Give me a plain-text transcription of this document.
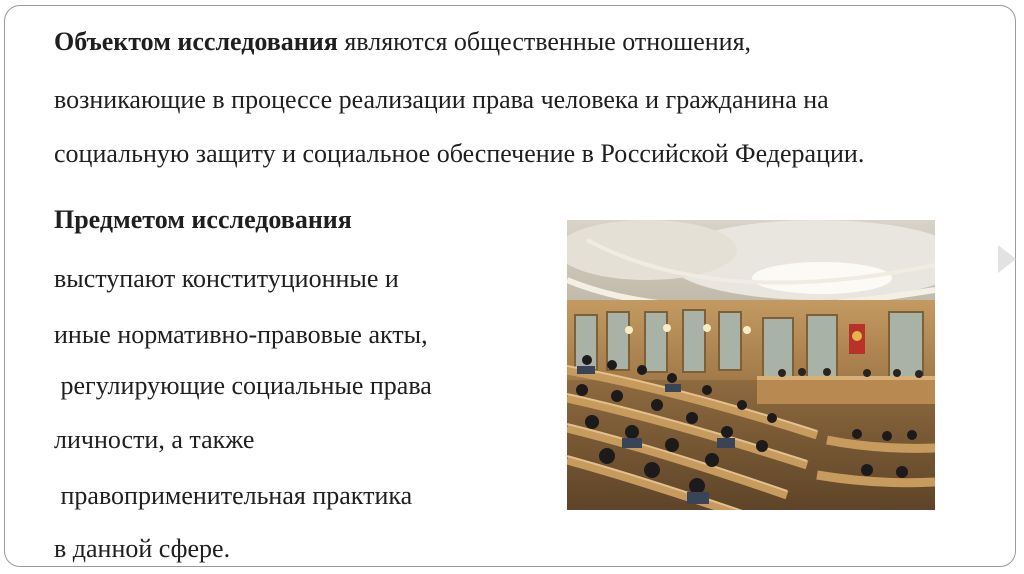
Объектом исследования являются общественные отношения,
возникающие в процессе реализации права человека и гражданина на
социальную защиту и социальное обеспечение в Российской Федерации.
Предметом исследования
выступают конституционные и
иные нормативно-правовые акты,
регулирующие социальные права
личности, а также
правоприменительная практика
в данной сфере.
